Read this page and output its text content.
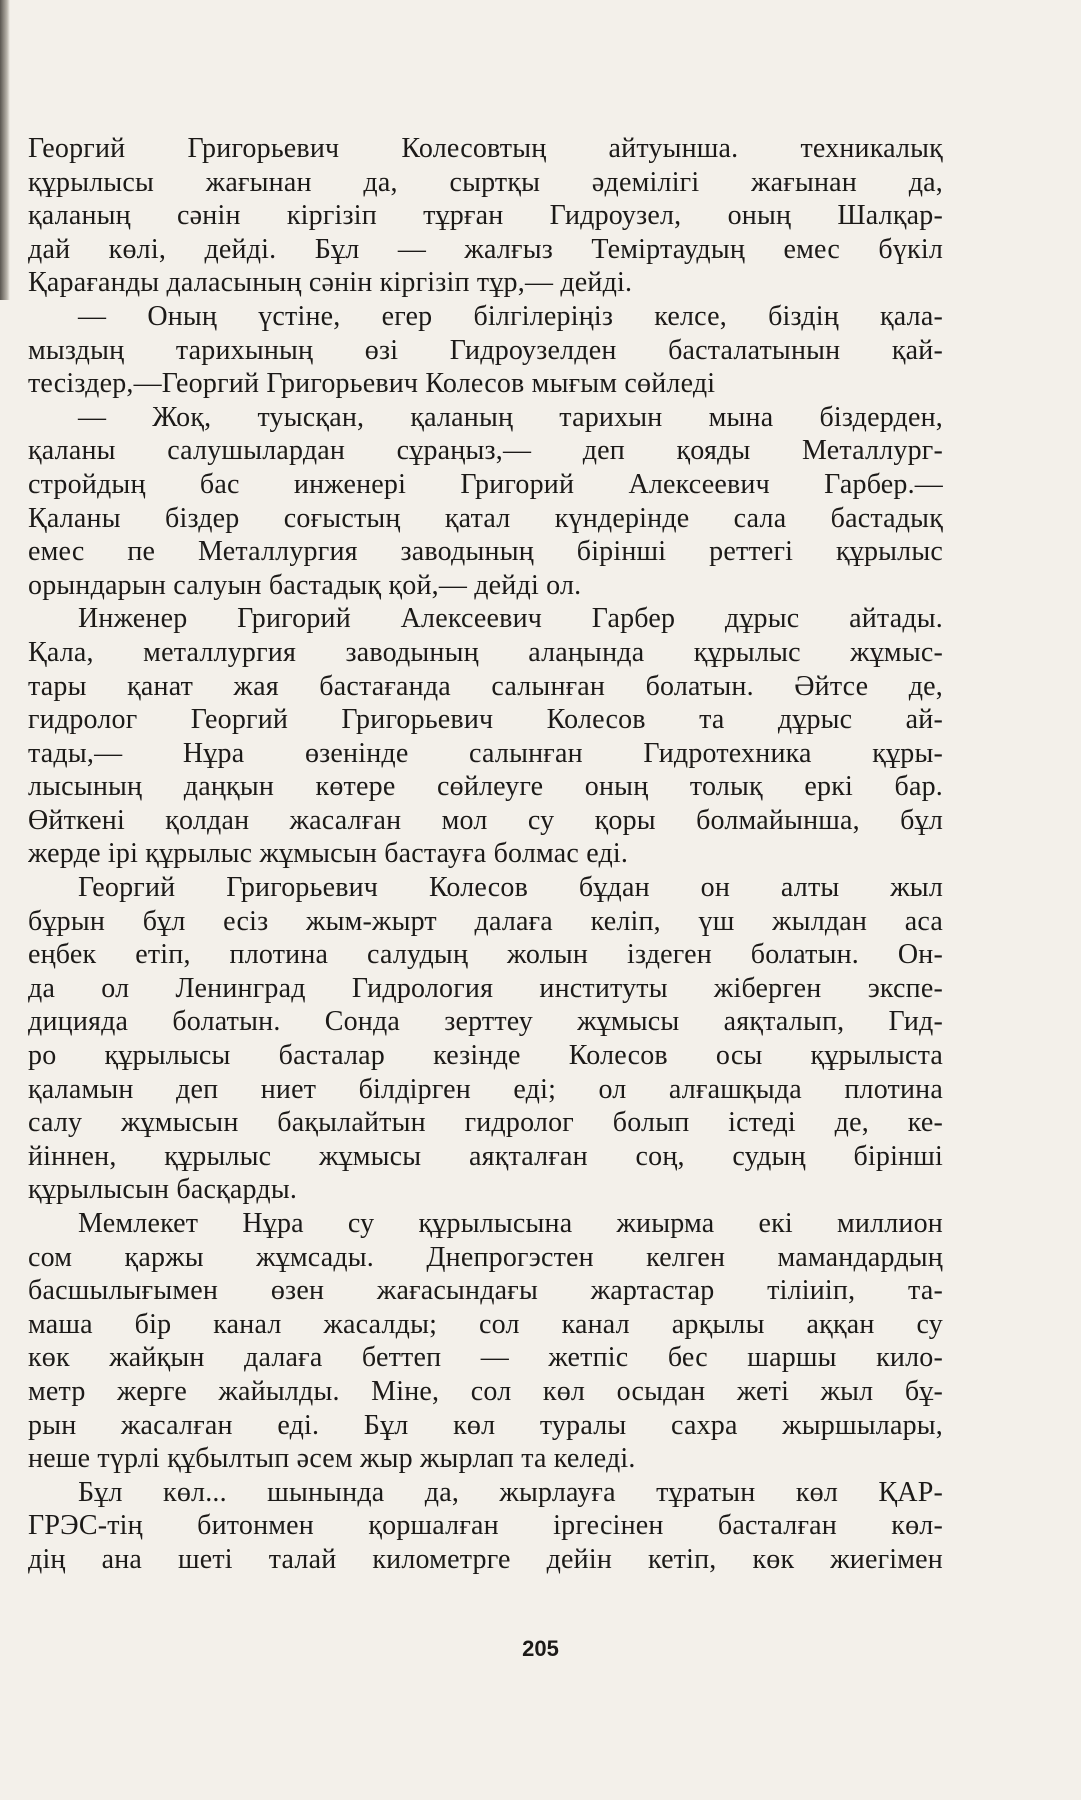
Георгий Григорьевич Колесовтың айтуынша. техникалық
құрылысы жағынан да, сыртқы әдемілігі жағынан да,
қаланың сәнін кіргізіп тұрған Гидроузел, оның Шалқар-
дай көлі, дейді. Бұл — жалғыз Теміртаудың емес бүкіл
Қарағанды даласының сәнін кіргізіп тұр,— дейді.
— Оның үстіне, егер білгілеріңіз келсе, біздің қала-
мыздың тарихының өзі Гидроузелден басталатынын қай-
тесіздер,—Георгий Григорьевич Колесов мығым сөйледі
— Жоқ, туысқан, қаланың тарихын мына біздерден,
қаланы салушылардан сұраңыз,— деп қояды Металлург-
стройдың бас инженері Григорий Алексеевич Гарбер.—
Қаланы біздер соғыстың қатал күндерінде сала бастадық
емес пе Металлургия заводының бірінші реттегі құрылыс
орындарын салуын бастадық қой,— дейді ол.
Инженер Григорий Алексеевич Гарбер дұрыс айтады.
Қала, металлургия заводының алаңында құрылыс жұмыс-
тары қанат жая бастағанда салынған болатын. Әйтсе де,
гидролог Георгий Григорьевич Колесов та дұрыс ай-
тады,— Нұра өзенінде салынған Гидротехника құры-
лысының даңқын көтере сөйлеуге оның толық еркі бар.
Өйткені қолдан жасалған мол су қоры болмайынша, бұл
жерде ірі құрылыс жұмысын бастауға болмас еді.
Георгий Григорьевич Колесов бұдан он алты жыл
бұрын бұл есіз жым-жырт далаға келіп, үш жылдан аса
еңбек етіп, плотина салудың жолын іздеген болатын. Он-
да ол Ленинград Гидрология институты жіберген экспе-
дицияда болатын. Сонда зерттеу жұмысы аяқталып, Гид-
ро құрылысы басталар кезінде Колесов осы құрылыста
қаламын деп ниет білдірген еді; ол алғашқыда плотина
салу жұмысын бақылайтын гидролог болып істеді де, ке-
йіннен, құрылыс жұмысы аяқталған соң, судың бірінші
құрылысын басқарды.
Мемлекет Нұра су құрылысына жиырма екі миллион
сом қаржы жұмсады. Днепрогэстен келген мамандардың
басшылығымен өзен жағасындағы жартастар тіліиіп, та-
маша бір канал жасалды; сол канал арқылы аққан су
көк жайқын далаға беттеп — жетпіс бес шаршы кило-
метр жерге жайылды. Міне, сол көл осыдан жеті жыл бұ-
рын жасалған еді. Бұл көл туралы сахра жыршылары,
неше түрлі құбылтып әсем жыр жырлап та келеді.
Бұл көл... шынында да, жырлауға тұратын көл ҚАР-
ГРЭС-тің битонмен қоршалған іргесінен басталған көл-
дің ана шеті талай километрге дейін кетіп, көк жиегімен
205
